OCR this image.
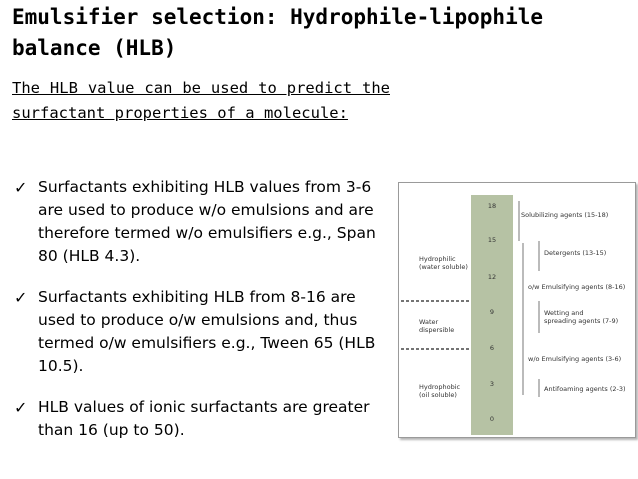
Emulsifier selection: Hydrophile-lipophile balance (HLB)
The HLB value can be used to predict the surfactant properties of a molecule:
✓ Surfactants exhibiting HLB values from 3-6 are used to produce w/o emulsions and are therefore termed w/o emulsifiers e.g., Span 80 (HLB 4.3).
✓ Surfactants exhibiting HLB from 8-16 are used to produce o/w emulsions and, thus termed o/w emulsifiers e.g., Tween 65 (HLB 10.5).
✓ HLB values of ionic surfactants are greater than 16 (up to 50).
18
15
12
9
6
3
0
Hydrophilic (water soluble)
Water dispersible
Hydrophobic (oil soluble)
Solubilizing agents (15-18)
Detergents (13-15)
o/w Emulsifying agents (8-16)
Wetting and spreading agents (7-9)
w/o Emulsifying agents (3-6)
Antifoaming agents (2-3)
